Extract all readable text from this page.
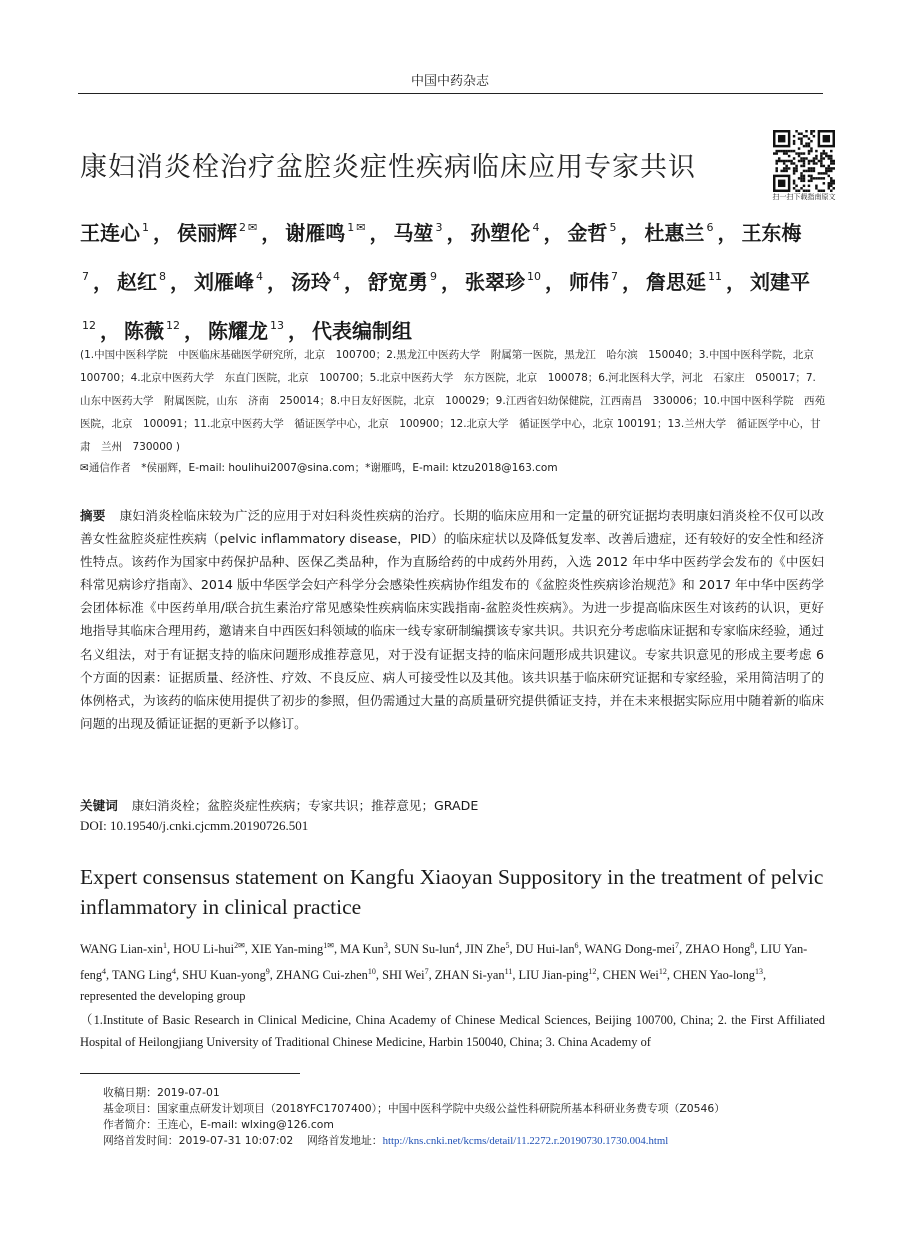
中国中药杂志
康妇消炎栓治疗盆腔炎症性疾病临床应用专家共识
扫一扫下载指南原文
王连心 $^1$ ， 侯丽辉 $^2$ ✉ ， 谢雁鸣 $^1$ ✉ ， 马堃 $^3$ ， 孙塑伦 $^4$ ， 金哲 $^5$ ， 杜惠兰 $^6$ ， 王东梅$^7$ ， 赵红 $^8$ ， 刘雁峰 $^4$ ， 汤玲 $^4$ ， 舒宽勇 $^9$ ， 张翠珍 $^{10}$ ， 师伟 $^7$ ， 詹思延 $^{11}$ ， 刘建平$^{12}$ ， 陈薇 $^{12}$ ， 陈耀龙 $^{13}$ ， 代表编制组
(1.中国中医科学院　中医临床基础医学研究所，北京　100700；2.黑龙江中医药大学　附属第一医院，黑龙江　哈尔滨　150040；3.中国中医科学院，北京　100700；4.北京中医药大学　东直门医院，北京　100700；5.北京中医药大学　东方医院，北京　100078；6.河北医科大学，河北　石家庄　050017；7.山东中医药大学　附属医院，山东　济南　250014；8.中日友好医院，北京　100029；9.江西省妇幼保健院，江西南昌　330006；10.中国中医科学院　西苑医院，北京　100091；11.北京中医药大学　循证医学中心，北京　100900；12.北京大学　循证医学中心，北京 100191；13.兰州大学　循证医学中心，甘肃　兰州　730000 )
✉通信作者　*侯丽辉，E-mail: houlihui2007@sina.com；*谢雁鸣，E-mail: ktzu2018@163.com
摘要 康妇消炎栓临床较为广泛的应用于对妇科炎性疾病的治疗。长期的临床应用和一定量的研究证据均表明康妇消炎栓不仅可以改善女性盆腔炎症性疾病（pelvic inflammatory disease，PID）的临床症状以及降低复发率、改善后遗症，还有较好的安全性和经济性特点。该药作为国家中药保护品种、医保乙类品种，作为直肠给药的中成药外用药，入选 2012 年中华中医药学会发布的《中医妇科常见病诊疗指南》、2014 版中华医学会妇产科学分会感染性疾病协作组发布的《盆腔炎性疾病诊治规范》和 2017 年中华中医药学会团体标准《中医药单用/联合抗生素治疗常见感染性疾病临床实践指南-盆腔炎性疾病》。为进一步提高临床医生对该药的认识，更好地指导其临床合理用药，邀请来自中西医妇科领域的临床一线专家研制编撰该专家共识。共识充分考虑临床证据和专家临床经验，通过名义组法，对于有证据支持的临床问题形成推荐意见，对于没有证据支持的临床问题形成共识建议。专家共识意见的形成主要考虑 6 个方面的因素：证据质量、经济性、疗效、不良反应、病人可接受性以及其他。该共识基于临床研究证据和专家经验，采用简洁明了的体例格式，为该药的临床使用提供了初步的参照，但仍需通过大量的高质量研究提供循证支持，并在未来根据实际应用中随着新的临床问题的出现及循证证据的更新予以修订。
关键词 康妇消炎栓；盆腔炎症性疾病；专家共识；推荐意见；GRADE
DOI: 10.19540/j.cnki.cjcmm.20190726.501
Expert consensus statement on Kangfu Xiaoyan Suppository in the treatment of pelvic inflammatory in clinical practice
WANG Lian-xin$^1$, HOU Li-hui$^{2✉}$, XIE Yan-ming$^{1✉}$, MA Kun$^3$, SUN Su-lun$^4$, JIN Zhe$^5$, DU Hui-lan$^6$, WANG Dong-mei$^7$, ZHAO Hong$^8$, LIU Yan-feng$^4$, TANG Ling$^4$, SHU Kuan-yong$^9$, ZHANG Cui-zhen$^{10}$, SHI Wei$^7$, ZHAN Si-yan$^{11}$, LIU Jian-ping$^{12}$, CHEN Wei$^{12}$, CHEN Yao-long$^{13}$, represented the developing group
（1.Institute of Basic Research in Clinical Medicine, China Academy of Chinese Medical Sciences, Beijing 100700, China; 2. the First Affiliated Hospital of Heilongjiang University of Traditional Chinese Medicine, Harbin 150040, China; 3. China Academy of
收稿日期：2019-07-01
基金项目：国家重点研发计划项目（2018YFC1707400）；中国中医科学院中央级公益性科研院所基本科研业务费专项（Z0546）
作者简介：王连心，E-mail: wlxing@126.com
网络首发时间：2019-07-31 10:07:02 网络首发地址：http://kns.cnki.net/kcms/detail/11.2272.r.20190730.1730.004.html
